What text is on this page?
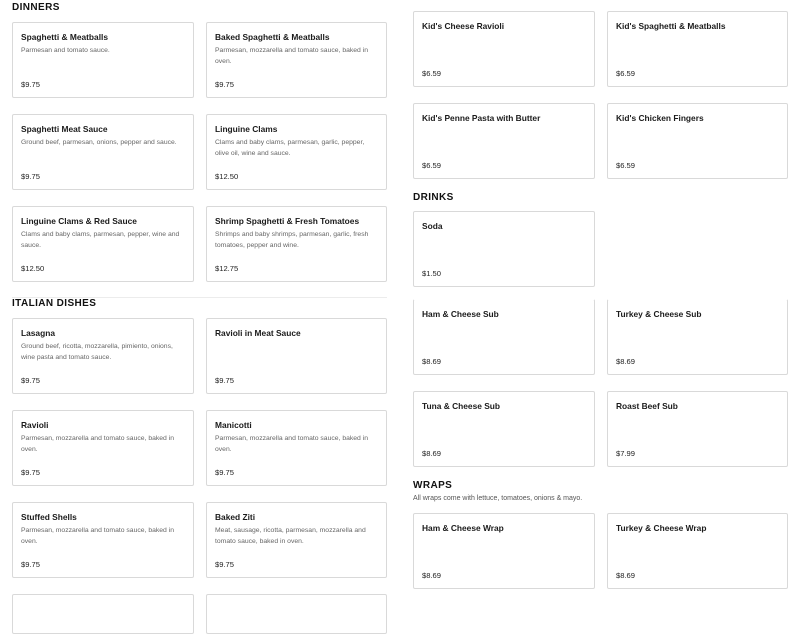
DINNERS
Spaghetti & Meatballs
Parmesan and tomato sauce.
$9.75
Baked Spaghetti & Meatballs
Parmesan, mozzarella and tomato sauce, baked in oven.
$9.75
Spaghetti Meat Sauce
Ground beef, parmesan, onions, pepper and sauce.
$9.75
Linguine Clams
Clams and baby clams, parmesan, garlic, pepper, olive oil, wine and sauce.
$12.50
Linguine Clams & Red Sauce
Clams and baby clams, parmesan, pepper, wine and sauce.
$12.50
Shrimp Spaghetti & Fresh Tomatoes
Shrimps and baby shrimps, parmesan, garlic, fresh tomatoes, pepper and wine.
$12.75
ITALIAN DISHES
Lasagna
Ground beef, ricotta, mozzarella, pimiento, onions, wine pasta and tomato sauce.
$9.75
Ravioli in Meat Sauce
$9.75
Ravioli
Parmesan, mozzarella and tomato sauce, baked in oven.
$9.75
Manicotti
Parmesan, mozzarella and tomato sauce, baked in oven.
$9.75
Stuffed Shells
Parmesan, mozzarella and tomato sauce, baked in oven.
$9.75
Baked Ziti
Meat, sausage, ricotta, parmesan, mozzarella and tomato sauce, baked in oven.
$9.75
Kid's Cheese Ravioli
$6.59
Kid's Spaghetti & Meatballs
$6.59
Kid's Penne Pasta with Butter
$6.59
Kid's Chicken Fingers
$6.59
DRINKS
Soda
$1.50
Ham & Cheese Sub
$8.69
Turkey & Cheese Sub
$8.69
Tuna & Cheese Sub
$8.69
Roast Beef Sub
$7.99
WRAPS
All wraps come with lettuce, tomatoes, onions & mayo.
Ham & Cheese Wrap
$8.69
Turkey & Cheese Wrap
$8.69
